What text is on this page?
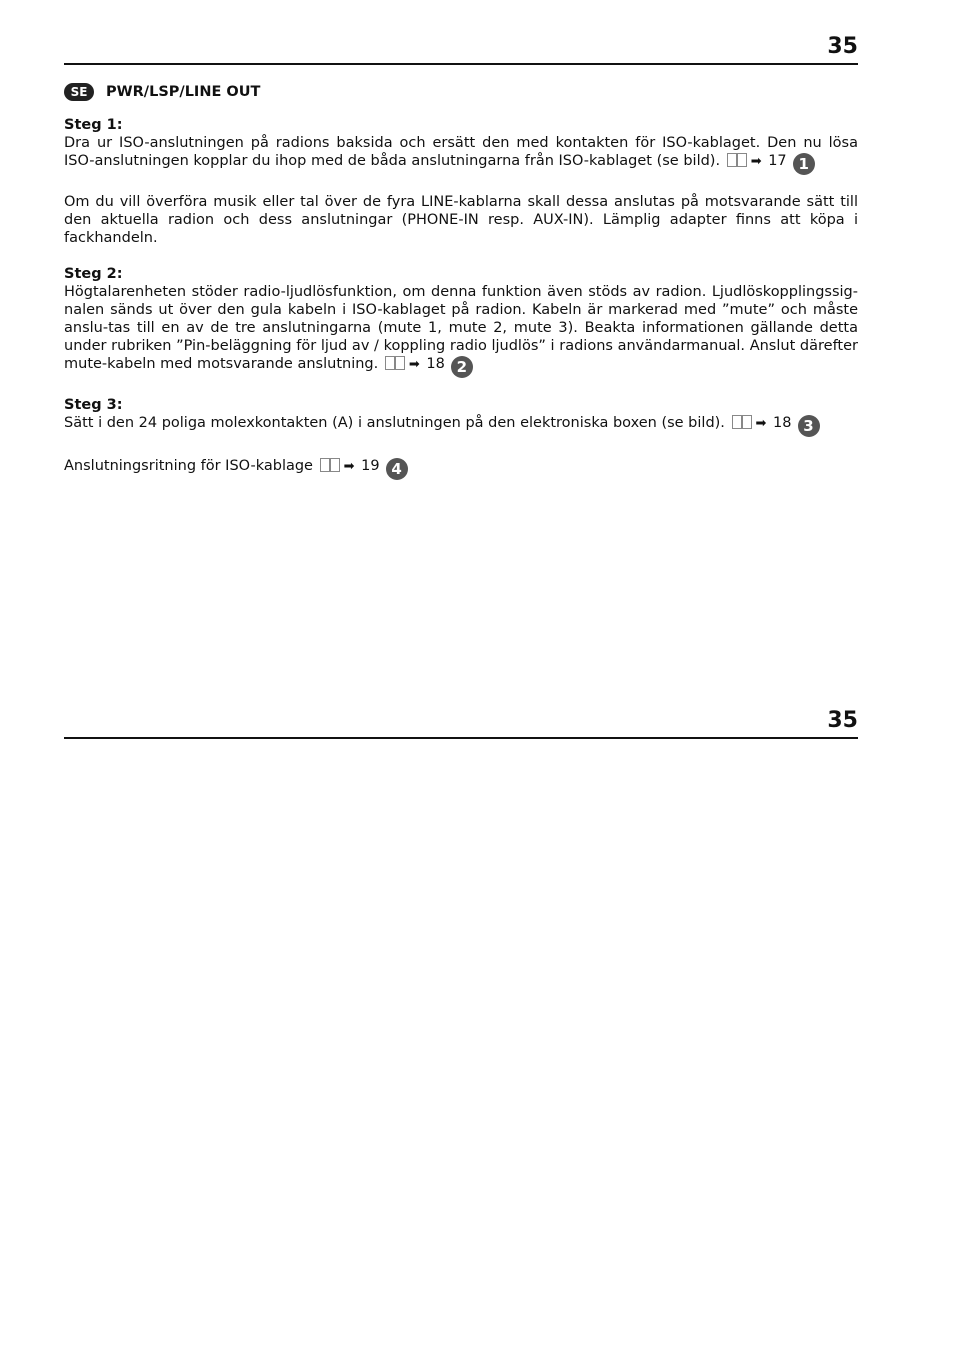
35
SE	PWR/LSP/LINE OUT
Steg 1:

Dra ur ISO-anslutningen på radions baksida och ersätt den med kontakten för ISO-kablaget. Den nu lösa ISO-anslutningen kopplar du ihop med de båda anslutningarna från ISO-kablaget (se bild). ➡ 17 1

Om du vill överföra musik eller tal över de fyra LINE-kablarna skall dessa anslutas på motsvarande sätt till den aktuella radion och dess anslutningar (PHONE-IN resp. AUX-IN). Lämplig adapter finns att köpa i fackhandeln.

Steg 2:

Högtalarenheten stöder radio-ljudlösfunktion, om denna funktion även stöds av radion. Ljudlöskopplingssig-nalen sänds ut över den gula kabeln i ISO-kablaget på radion. Kabeln är markerad med ”mute” och måste anslu-tas till en av de tre anslutningarna (mute 1, mute 2, mute 3). Beakta informationen gällande detta under rubriken ”Pin-beläggning för ljud av / koppling radio ljudlös” i radions användarmanual. Anslut därefter mute-kabeln med motsvarande anslutning. ➡ 18 2

Steg 3:

Sätt i den 24 poliga molexkontakten (A) i anslutningen på den elektroniska boxen (se bild). ➡ 18 3

Anslutningsritning för ISO-kablage ➡ 19 4

35
